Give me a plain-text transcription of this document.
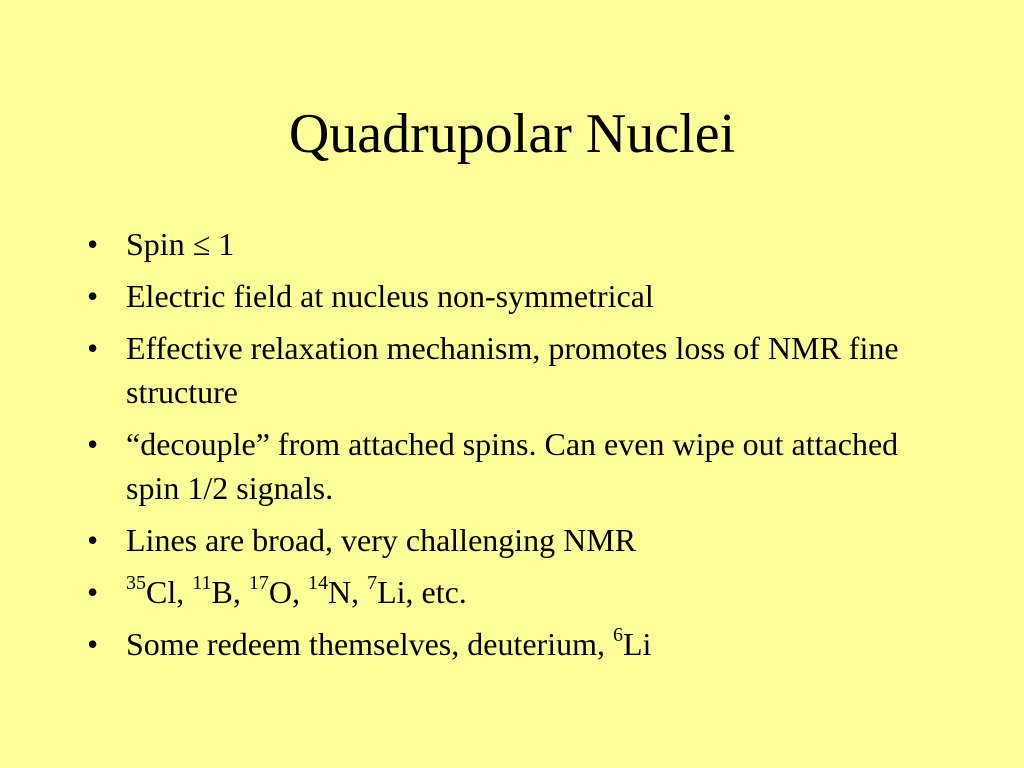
Quadrupolar Nuclei
• Spin ≤ 1
• Electric field at nucleus non-symmetrical
• Effective relaxation mechanism, promotes loss of NMR fine structure
• “decouple” from attached spins. Can even wipe out attached spin 1/2 signals.
• Lines are broad, very challenging NMR
• $^{35}$Cl, $^{11}$B, $^{17}$O, $^{14}$N, $^7$Li, etc.
• Some redeem themselves, deuterium, $^6$Li
